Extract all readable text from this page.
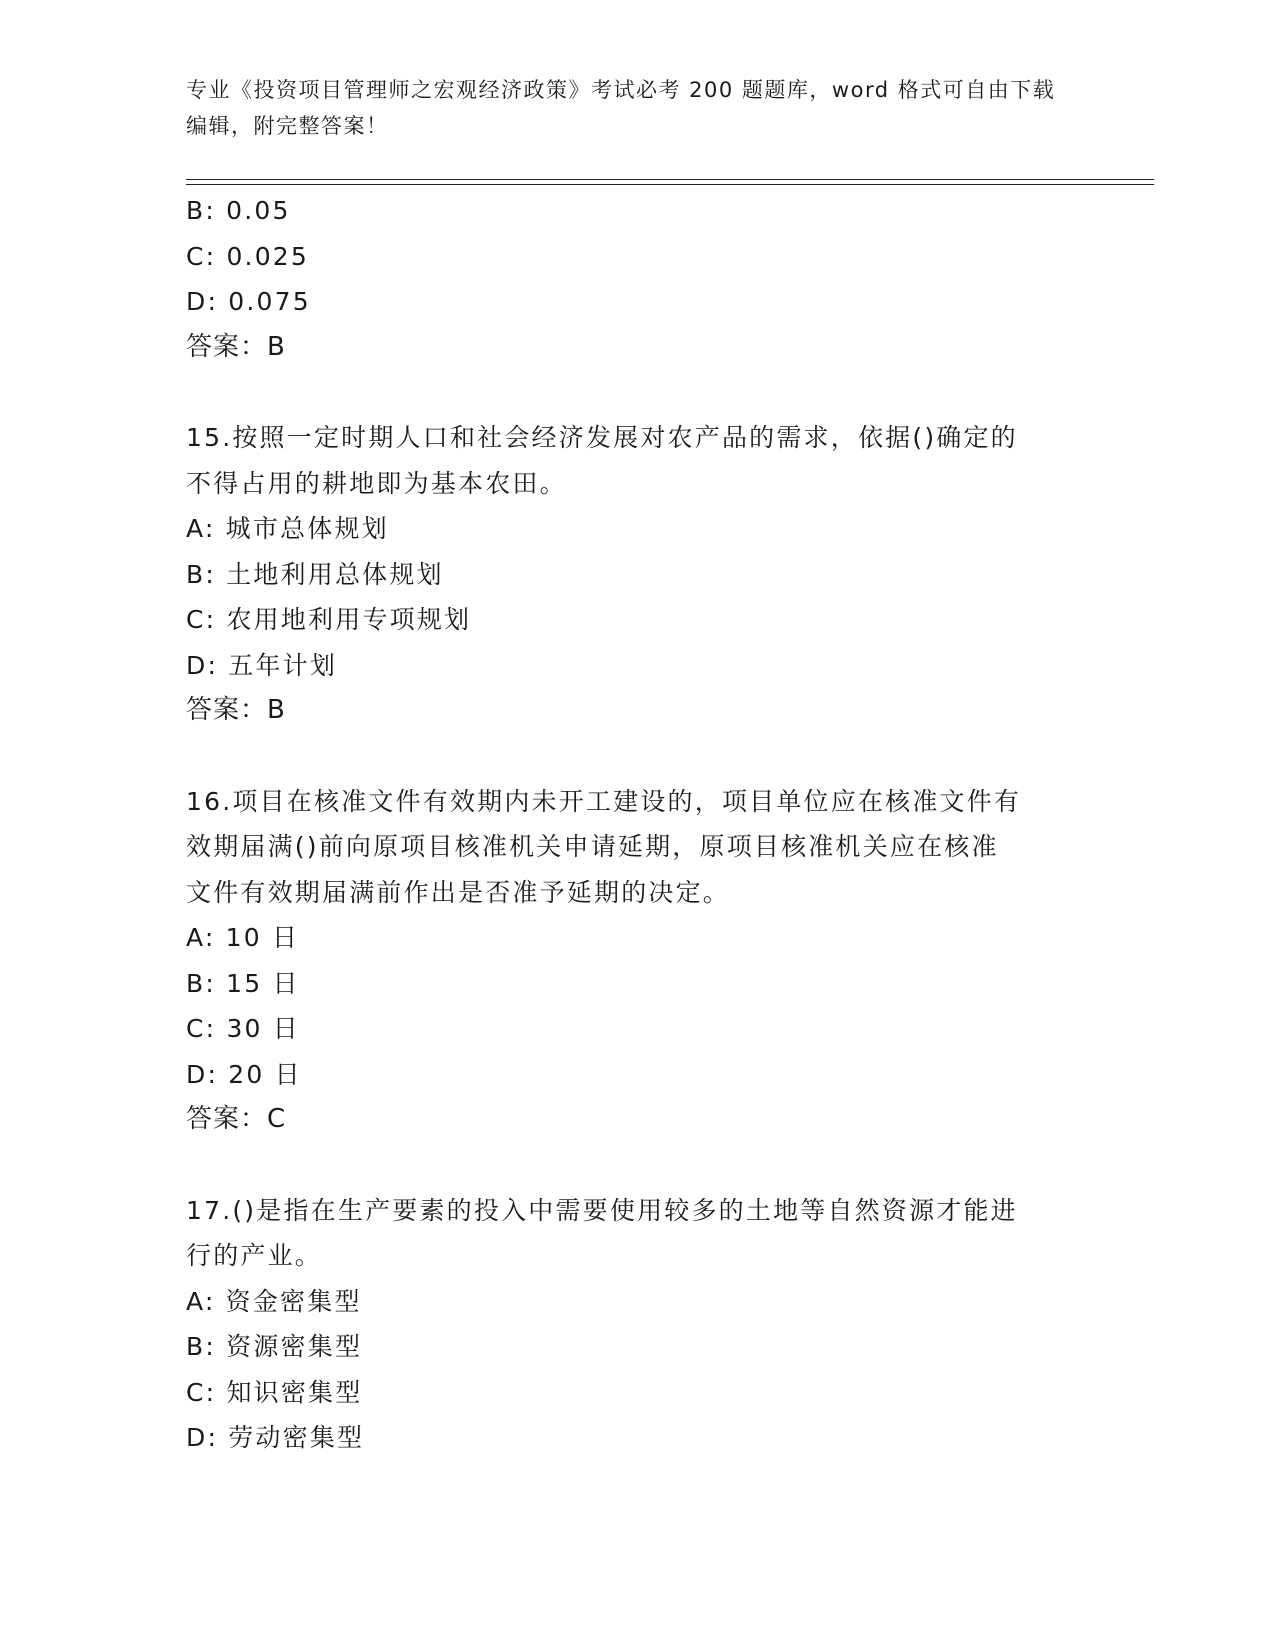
专业《投资项目管理师之宏观经济政策》考试必考 200 题题库，word 格式可自由下载编辑，附完整答案！
B: 0.05
C: 0.025
D: 0.075
答案：B
15.按照一定时期人口和社会经济发展对农产品的需求，依据()确定的
不得占用的耕地即为基本农田。
A: 城市总体规划
B: 土地利用总体规划
C: 农用地利用专项规划
D: 五年计划
答案：B
16.项目在核准文件有效期内未开工建设的，项目单位应在核准文件有
效期届满()前向原项目核准机关申请延期，原项目核准机关应在核准
文件有效期届满前作出是否准予延期的决定。
A: 10 日
B: 15 日
C: 30 日
D: 20 日
答案：C
17.()是指在生产要素的投入中需要使用较多的土地等自然资源才能进
行的产业。
A: 资金密集型
B: 资源密集型
C: 知识密集型
D: 劳动密集型
